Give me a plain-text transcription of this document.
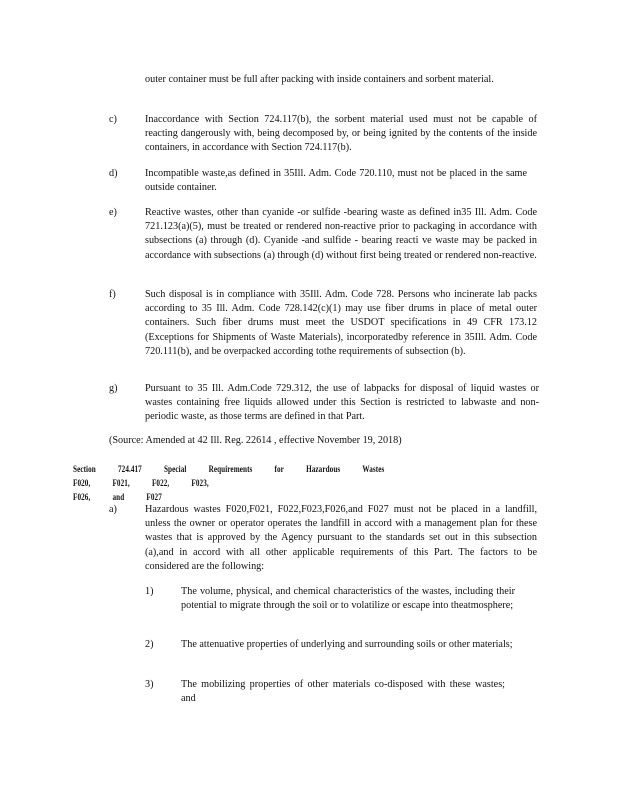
outer container must be full after packing with inside containers and sorbent material.

c)	Inaccordance with Section 724.117(b), the sorbent material used must not be capable of reacting dangerously with, being decomposed by, or being ignited by the contents of the inside containers, in accordance with Section 724.117(b).

d)	Incompatible waste,as defined in 35Ill. Adm. Code 720.110, must not be placed in the same outside container.

e)	Reactive wastes, other than cyanide -or sulfide -bearing waste as defined in35 Ill. Adm. Code 721.123(a)(5), must be treated or rendered non-reactive prior to packaging in accordance with subsections (a) through (d). Cyanide -and sulfide - bearing reacti ve waste may be packed in accordance with subsections (a) through (d) without first being treated or rendered non-reactive.

f)	Such disposal is in compliance with 35Ill. Adm. Code 728. Persons who incinerate lab packs according to 35 Ill. Adm. Code 728.142(c)(1) may use fiber drums in place of metal outer containers. Such fiber drums must meet the USDOT specifications in 49 CFR 173.12 (Exceptions for Shipments of Waste Materials), incorporatedby reference in 35Ill. Adm. Code 720.111(b), and be overpacked according tothe requirements of subsection (b).

g)	Pursuant to 35 Ill. Adm.Code 729.312, the use of labpacks for disposal of liquid wastes or wastes containing free liquids allowed under this Section is restricted to labwaste and non-periodic waste, as those terms are defined in that Part.

(Source: Amended at 42 Ill. Reg. 22614 , effective November 19, 2018)
Section 724.417 Special Requirements for Hazardous Wastes F020, F021, F022, F023,
F026, and F027
a)	Hazardous wastes F020,F021, F022,F023,F026,and F027 must not be placed in a landfill, unless the owner or operator operates the landfill in accord with a management plan for these wastes that is approved by the Agency pursuant to the standards set out in this subsection (a),and in accord with all other applicable requirements of this Part. The factors to be considered are the following:

1)	The volume, physical, and chemical characteristics of the wastes, including their potential to migrate through the soil or to volatilize or escape into theatmosphere;

2)	The attenuative properties of underlying and surrounding soils or other materials;

3)	The mobilizing properties of other materials co-disposed with these wastes; and
